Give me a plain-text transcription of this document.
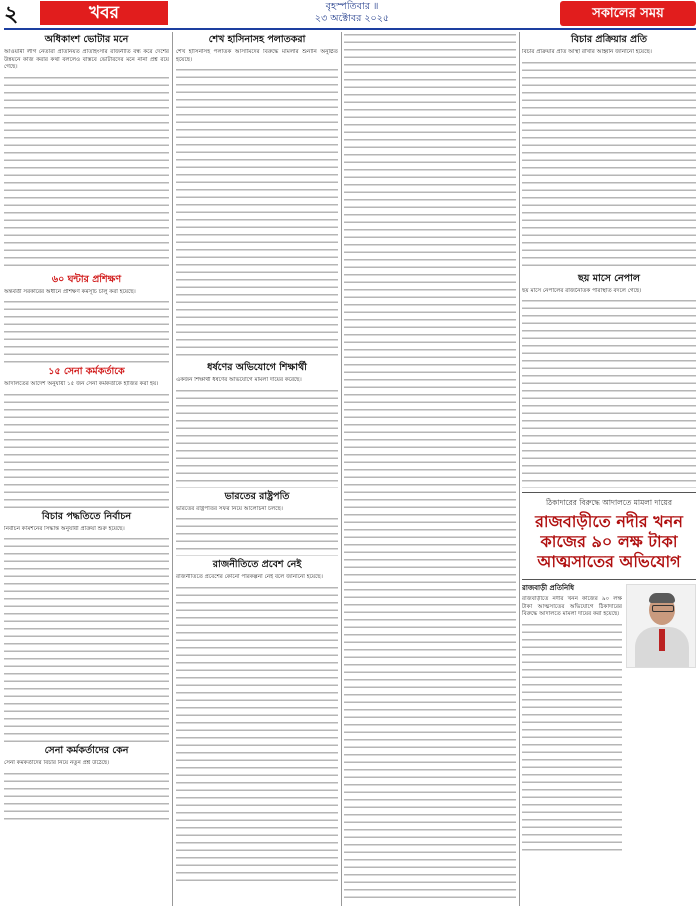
২	খবর	বৃহস্পতিবার ॥
২৩ অক্টোবর ২০২৫	সকালের সময়
অধিকাংশ ভোটার মনে
আওয়ামী লীগ নেতারা প্রতিনিয়ত প্রতিহিংসার রাজনীতি বন্ধ করে দেশের উন্নয়নে কাজ করার কথা বললেও বাস্তবে ভোটারদের মনে নানা প্রশ্ন রয়ে গেছে।
৬০ ঘন্টার প্রশিক্ষণ
অন্তর্বর্তী সরকারের অধীনে প্রশিক্ষণ কর্মসূচি চালু করা হয়েছে।
১৫ সেনা কর্মকর্তাকে
আদালতের আদেশ অনুযায়ী ১৫ জন সেনা কর্মকর্তাকে হাজির করা হয়।
বিচার পদ্ধতিতে নির্বাচন
নির্বাচন কমিশনের সিদ্ধান্ত অনুযায়ী প্রক্রিয়া শুরু হয়েছে।
সেনা কর্মকর্তাদের কেন
সেনা কর্মকর্তাদের বিচার নিয়ে নতুন প্রশ্ন উঠেছে।
শেখ হাসিনাসহ পলাতকরা
শেখ হাসিনাসহ পলাতক আসামিদের বিরুদ্ধে মামলার শুনানি অনুষ্ঠিত হয়েছে।
ধর্ষণের অভিযোগে শিক্ষার্থী
একজন শিক্ষার্থী ধর্ষণের অভিযোগে মামলা দায়ের করেছে।
ভারতের রাষ্ট্রপতি
ভারতের রাষ্ট্রপতির সফর নিয়ে আলোচনা চলছে।
রাজনীতিতে প্রবেশ নেই
রাজনীতিতে প্রবেশের কোনো পরিকল্পনা নেই বলে জানানো হয়েছে।
বিচার প্রক্রিয়ার প্রতি
বিচার প্রক্রিয়ার প্রতি আস্থা রাখার আহ্বান জানানো হয়েছে।
ছয় মাসে নেপাল
ছয় মাসে নেপালের রাজনৈতিক পরিস্থিতি বদলে গেছে।
ঠিকাদারের বিরুদ্ধে আদালতে মামলা দায়ের
রাজবাড়ীতে নদীর খনন কাজের ৯০ লক্ষ টাকা আত্মসাতের অভিযোগ
রাজবাড়ী প্রতিনিধি
রাজবাড়ীতে নদীর খনন কাজের ৯০ লক্ষ টাকা আত্মসাতের অভিযোগে ঠিকাদারের বিরুদ্ধে আদালতে মামলা দায়ের করা হয়েছে।
